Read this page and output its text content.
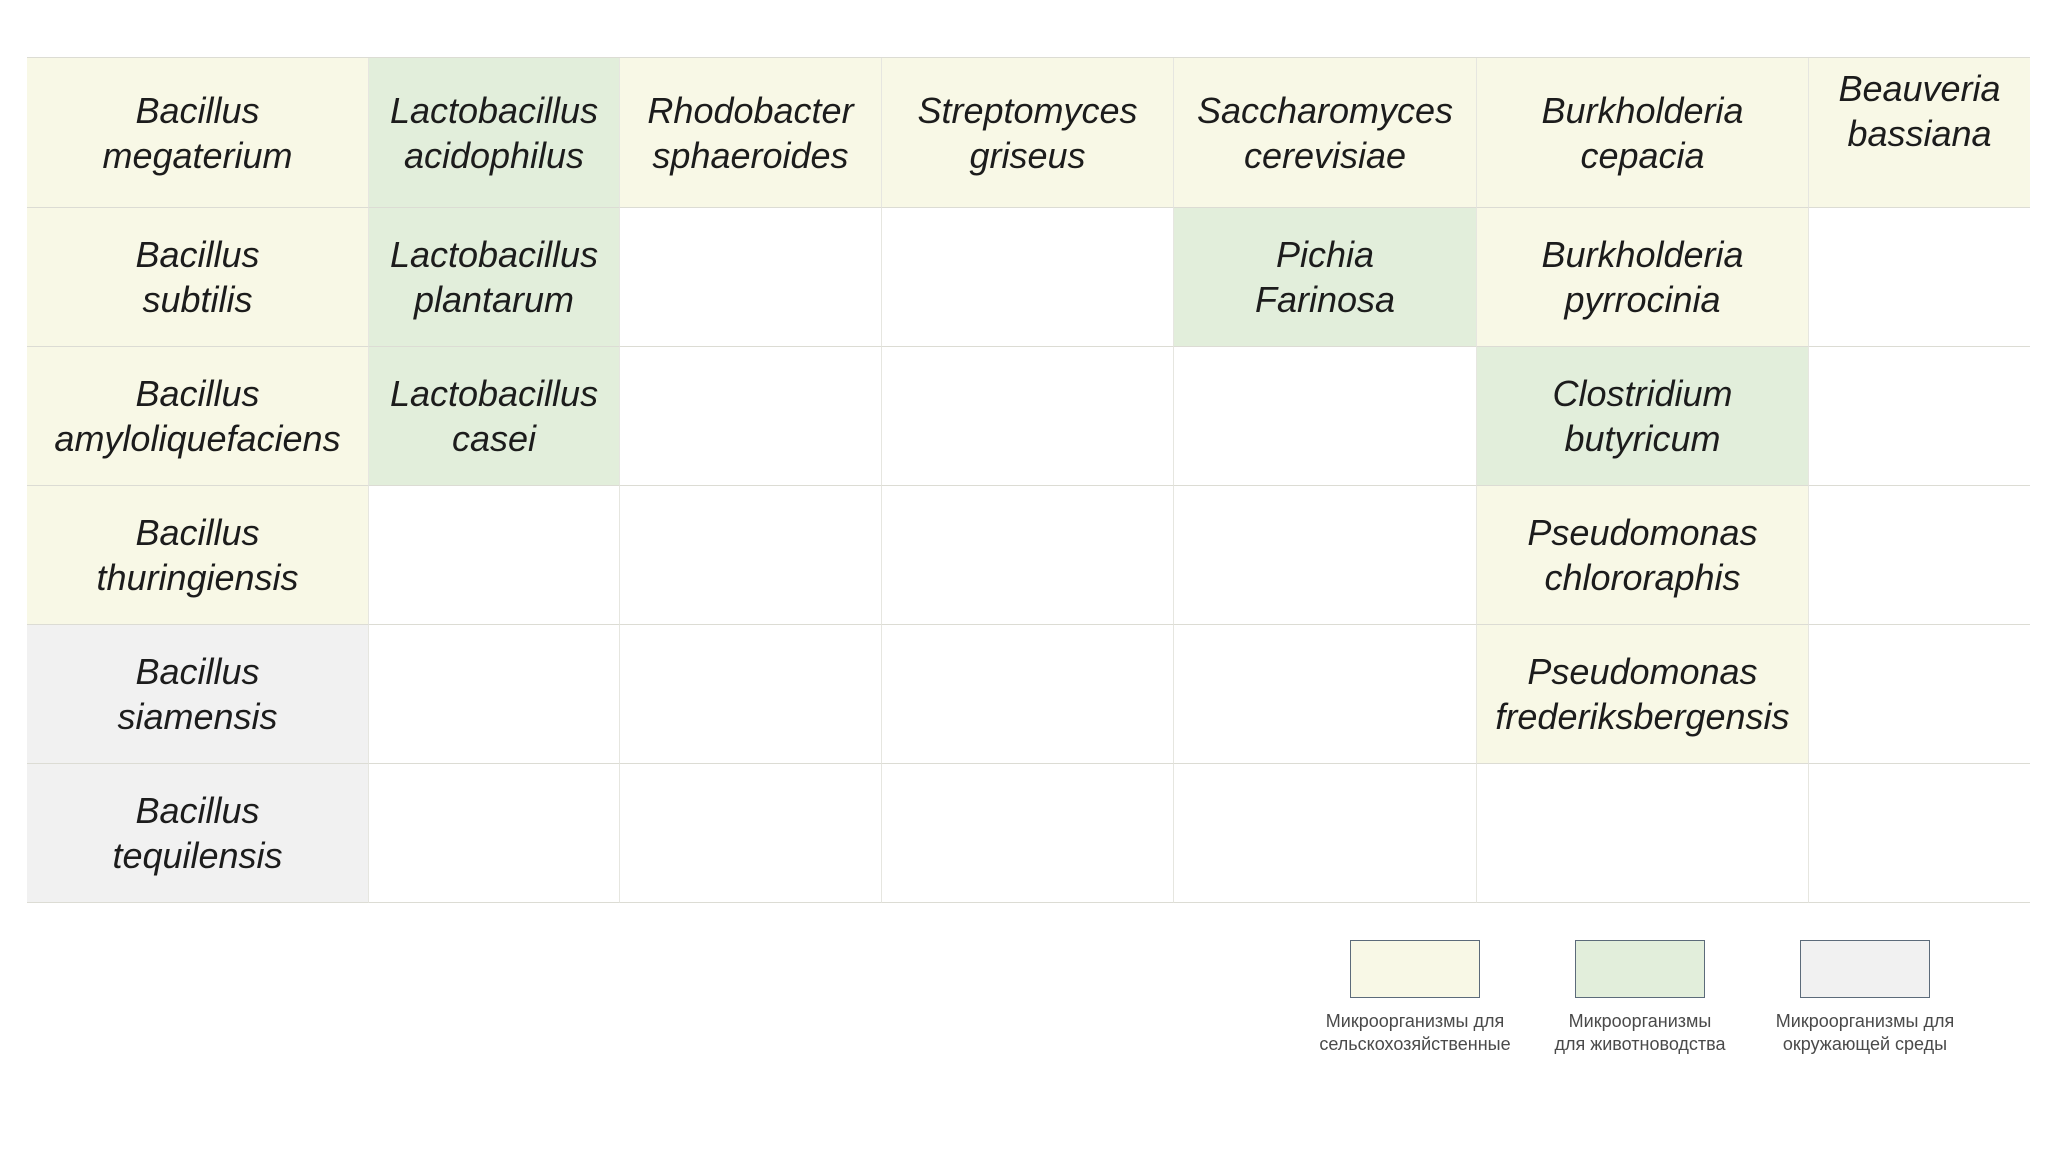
Bacillus
megaterium
Lactobacillus
acidophilus
Rhodobacter
sphaeroides
Streptomyces
griseus
Saccharomyces
cerevisiae
Burkholderia
cepacia
Beauveria
bassiana
Bacillus
subtilis
Lactobacillus
plantarum
Pichia
Farinosa
Burkholderia
pyrrocinia
Bacillus
amyloliquefaciens
Lactobacillus
casei
Clostridium
butyricum
Bacillus
thuringiensis
Pseudomonas
chlororaphis
Bacillus
siamensis
Pseudomonas
frederiksbergensis
Bacillus
tequilensis
Микроорганизмы для
сельскохозяйственные
Микроорганизмы
для животноводства
Микроорганизмы для
окружающей среды
